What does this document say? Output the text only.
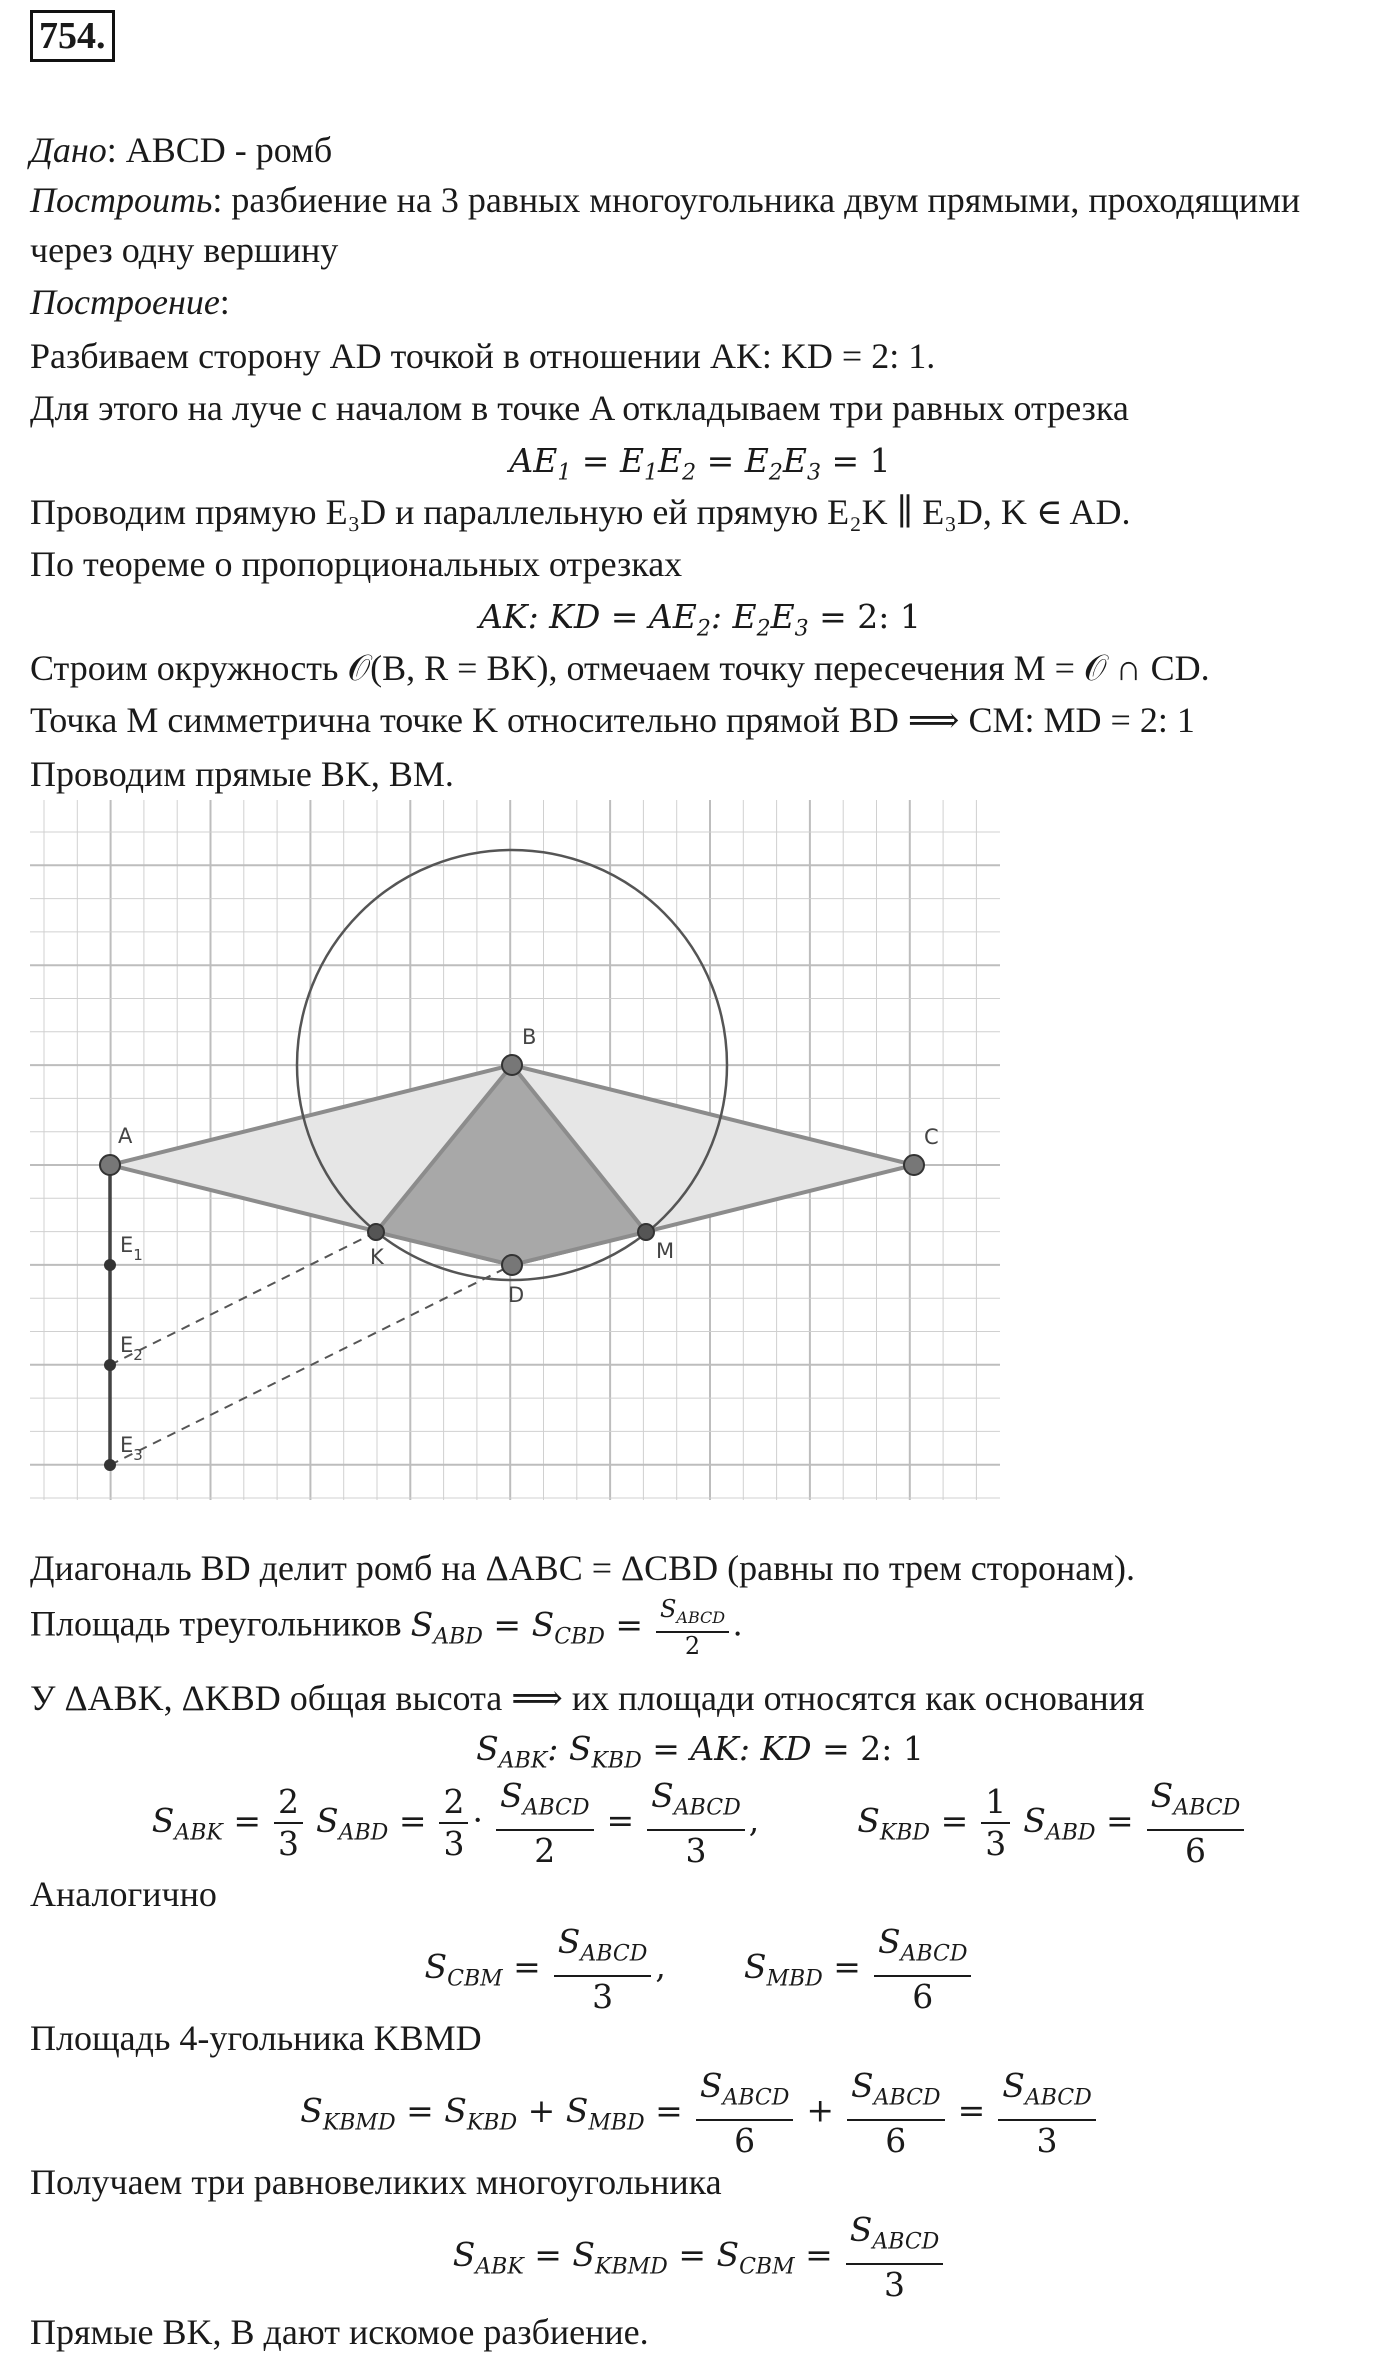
754.
Дано: ABCD - ромб
Построить: разбиение на 3 равных многоугольника двум прямыми, проходящими
через одну вершину
Построение:
Разбиваем сторону AD точкой в отношении AK: KD = 2: 1.
Для этого на луче с началом в точке A откладываем три равных отрезка
$AE_1 = E_1E_2 = E_2E_3 = 1$
Проводим прямую E₃D и параллельную ей прямую E₂K ∥ E₃D, K ∈ AD.
По теореме о пропорциональных отрезках
AK: KD = $AE_2$: $E_2E_3 = 2$: 1
Строим окружность 𝒪(B, R = BK), отмечаем точку пересечения M = 𝒪 ∩ CD.
Точка M симметрична точке K относительно прямой BD ⟹ CM: MD = 2: 1
Проводим прямые BK, BM.
A
B
C
D
K	M
$E_1$
$E_2$
$E_3$
Диагональ BD делит ромб на ΔABC = ΔCBD (равны по трем сторонам).
Площадь треугольников $S_{ABD} = S_{CBD} = \frac{S_{ABCD}}{2}$ .
У ΔABK, ΔKBD общая высота ⟹ их площади относятся как основания
$S_{ABK}$: $S_{KBD}$ = AK: KD = 2: 1
$S_{ABK} = \frac{2}{3} S_{ABD} = \frac{2}{3} \cdot \frac{S_{ABCD}}{2} = \frac{S_{ABCD}}{3}$ ,	$S_{KBD} = \frac{1}{3} S_{ABD} = \frac{S_{ABCD}}{6}$
Аналогично
$S_{CBM} = \frac{S_{ABCD}}{3}$ , $S_{MBD} = \frac{S_{ABCD}}{6}$
Площадь 4-угольника KBMD
$S_{KBMD} = S_{KBD} + S_{MBD} = \frac{S_{ABCD}}{6} + \frac{S_{ABCD}}{6} = \frac{S_{ABCD}}{3}$
Получаем три равновеликих многоугольника
$S_{ABK} = S_{KBMD} = S_{CBM} = \frac{S_{ABCD}}{3}$
Прямые BK, B дают искомое разбиение.
